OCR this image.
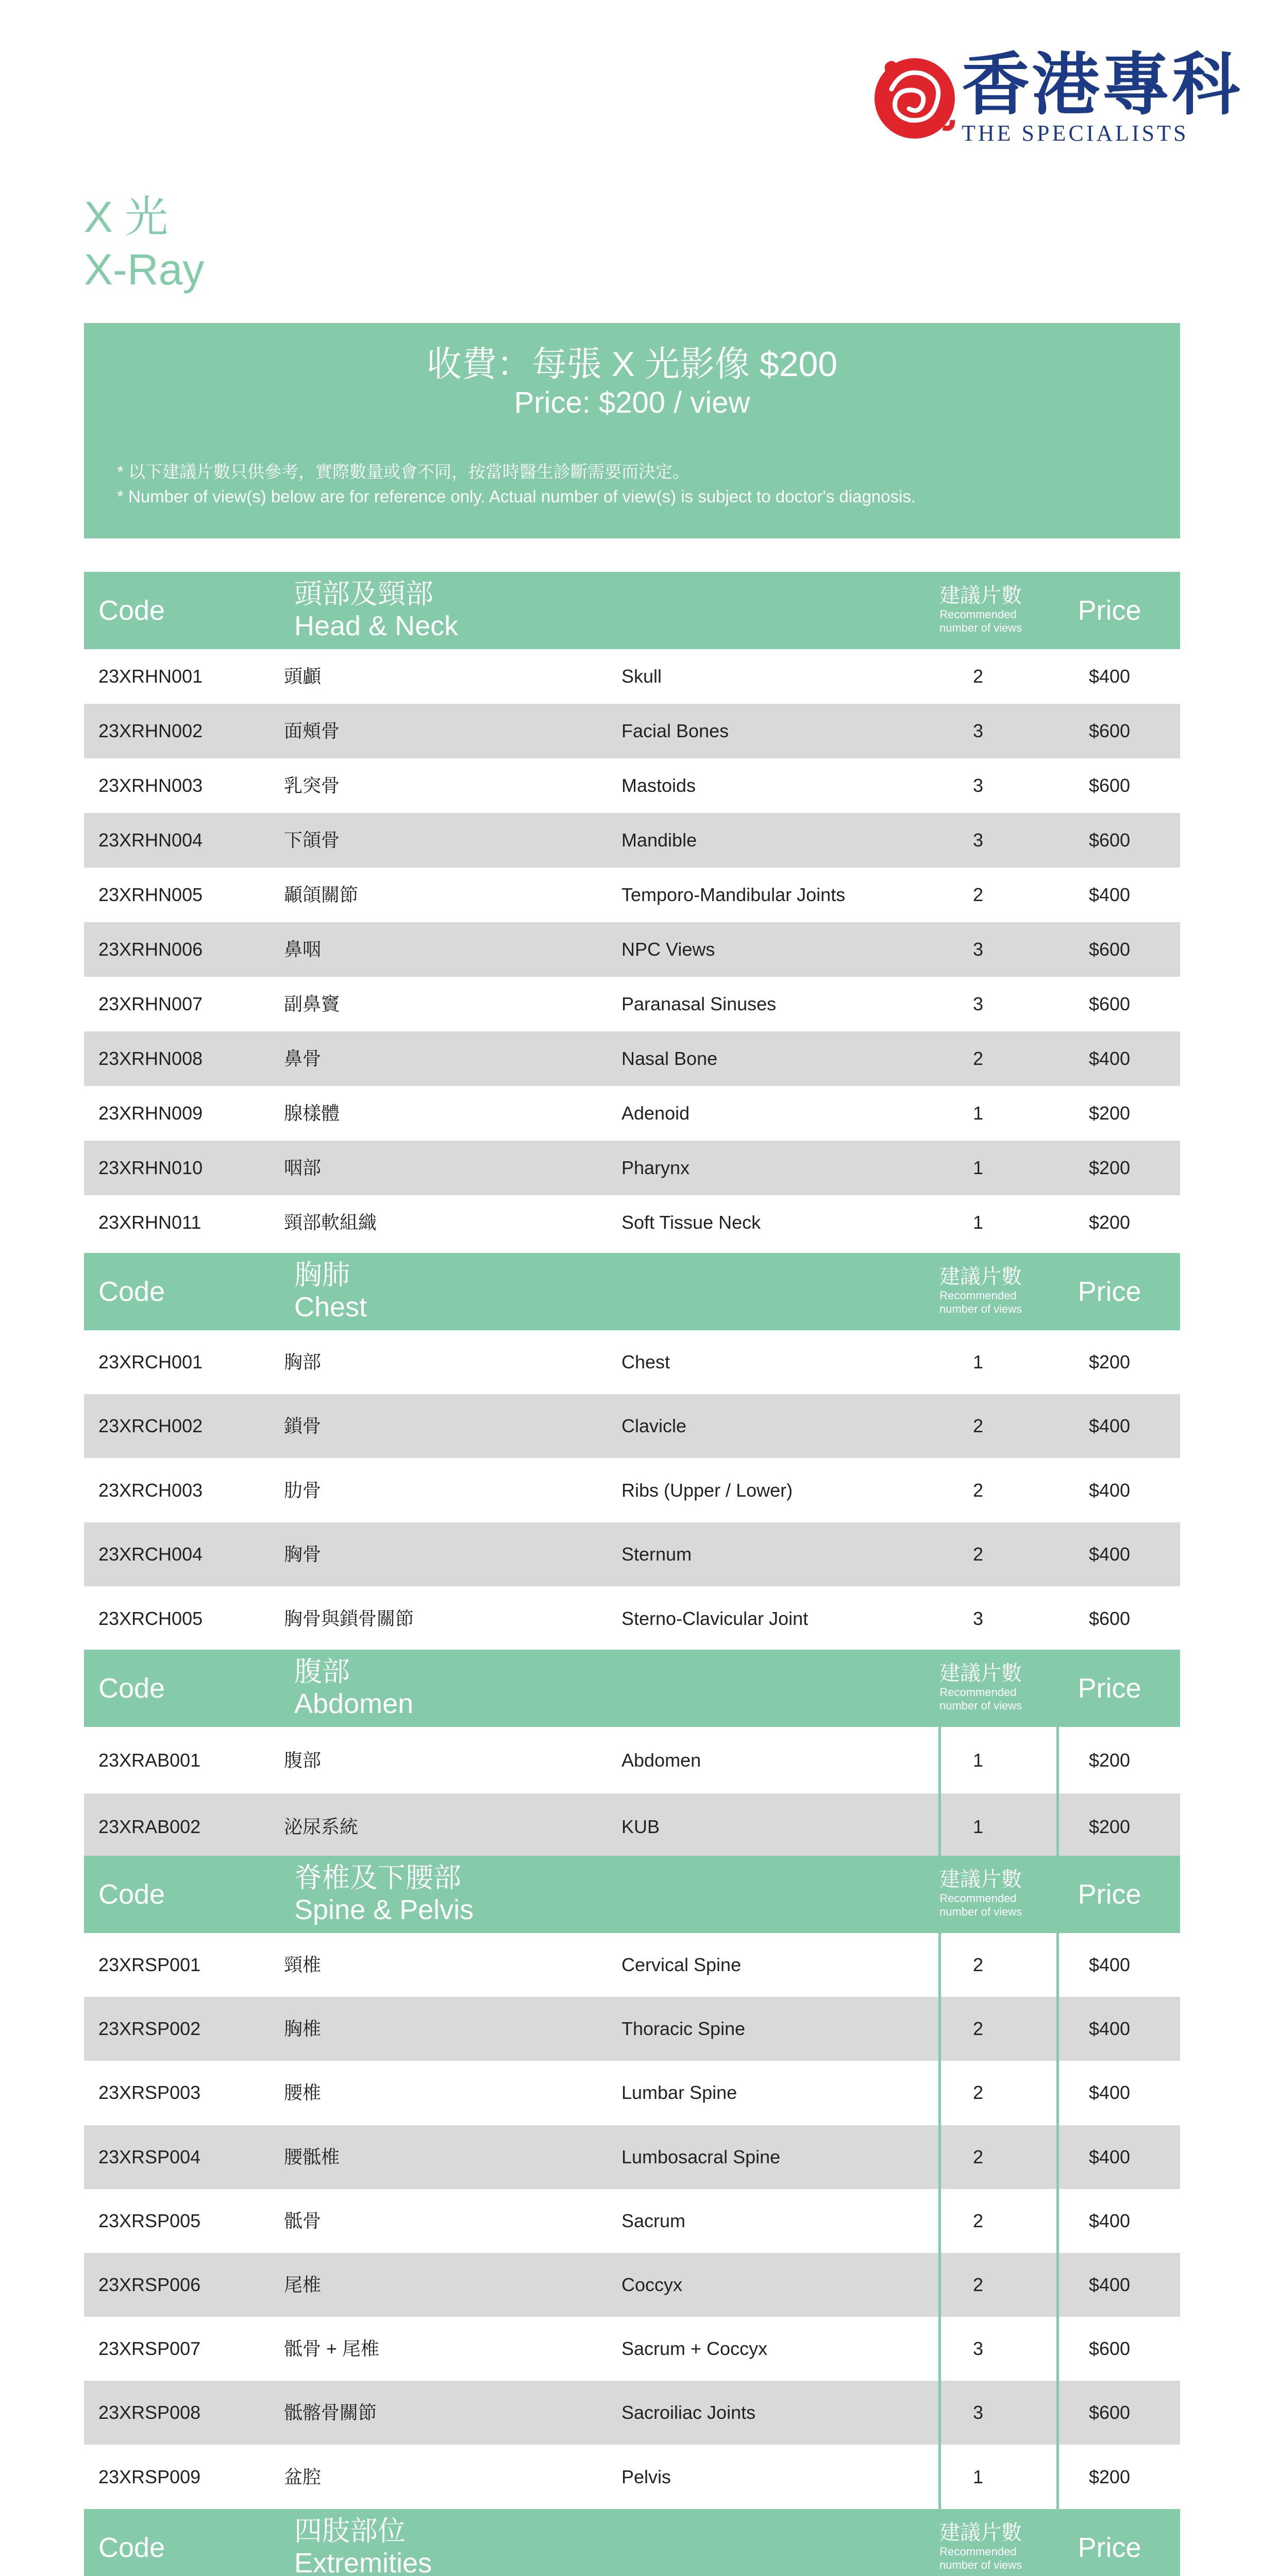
香港專科
THE SPECIALISTS
X 光
X-Ray
收費：每張 X 光影像 $200
Price: $200 / view
* 以下建議片數只供參考，實際數量或會不同，按當時醫生診斷需要而決定。
* Number of view(s) below are for reference only. Actual number of view(s) is subject to doctor's diagnosis.
Code
頭部及頸部
Head & Neck
建議片數
Recommended
number of views
Price
23XRHN001	頭顱	Skull	2	$400
23XRHN002	面頰骨	Facial Bones	3	$600
23XRHN003	乳突骨	Mastoids	3	$600
23XRHN004	下頜骨	Mandible	3	$600
23XRHN005	顳頜關節	Temporo-Mandibular Joints	2	$400
23XRHN006	鼻咽	NPC Views	3	$600
23XRHN007	副鼻竇	Paranasal Sinuses	3	$600
23XRHN008	鼻骨	Nasal Bone	2	$400
23XRHN009	腺樣體	Adenoid	1	$200
23XRHN010	咽部	Pharynx	1	$200
23XRHN011	頸部軟組織	Soft Tissue Neck	1	$200
Code
胸肺
Chest
建議片數
Recommended
number of views
Price
23XRCH001	胸部	Chest	1	$200
23XRCH002	鎖骨	Clavicle	2	$400
23XRCH003	肋骨	Ribs (Upper / Lower)	2	$400
23XRCH004	胸骨	Sternum	2	$400
23XRCH005	胸骨與鎖骨關節	Sterno-Clavicular Joint	3	$600
Code
腹部
Abdomen
建議片數
Recommended
number of views
Price
23XRAB001	腹部	Abdomen	1	$200
23XRAB002	泌尿系統	KUB	1	$200
Code
脊椎及下腰部
Spine & Pelvis
建議片數
Recommended
number of views
Price
23XRSP001	頸椎	Cervical Spine	2	$400
23XRSP002	胸椎	Thoracic Spine	2	$400
23XRSP003	腰椎	Lumbar Spine	2	$400
23XRSP004	腰骶椎	Lumbosacral Spine	2	$400
23XRSP005	骶骨	Sacrum	2	$400
23XRSP006	尾椎	Coccyx	2	$400
23XRSP007	骶骨 + 尾椎	Sacrum + Coccyx	3	$600
23XRSP008	骶髂骨關節	Sacroiliac Joints	3	$600
23XRSP009	盆腔	Pelvis	1	$200
Code
四肢部位
Extremities
建議片數
Recommended
number of views
Price
